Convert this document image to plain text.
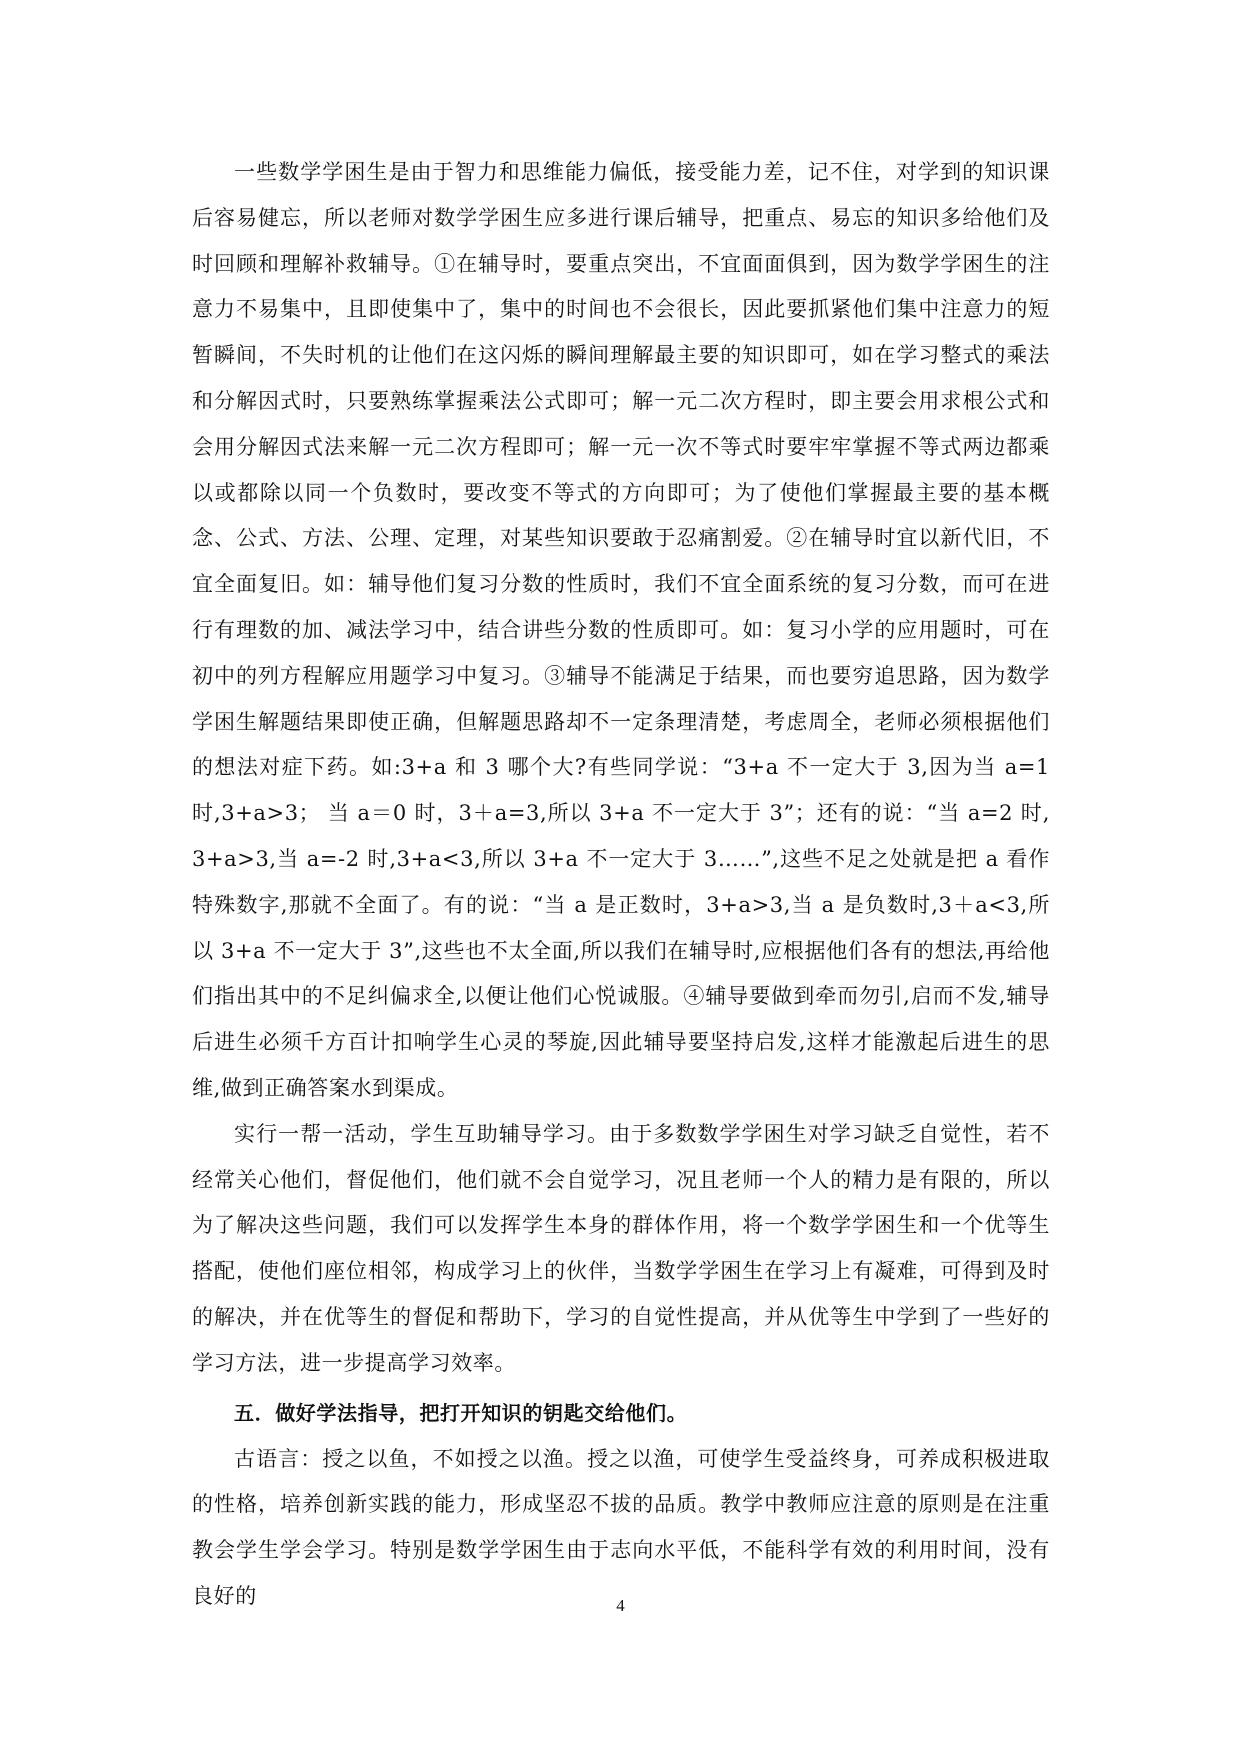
一些数学学困生是由于智力和思维能力偏低，接受能力差，记不住，对学到的知识课后容易健忘，所以老师对数学学困生应多进行课后辅导，把重点、易忘的知识多给他们及时回顾和理解补救辅导。①在辅导时，要重点突出，不宜面面俱到，因为数学学困生的注意力不易集中，且即使集中了，集中的时间也不会很长，因此要抓紧他们集中注意力的短暂瞬间，不失时机的让他们在这闪烁的瞬间理解最主要的知识即可，如在学习整式的乘法和分解因式时，只要熟练掌握乘法公式即可；解一元二次方程时，即主要会用求根公式和会用分解因式法来解一元二次方程即可；解一元一次不等式时要牢牢掌握不等式两边都乘以或都除以同一个负数时，要改变不等式的方向即可；为了使他们掌握最主要的基本概念、公式、方法、公理、定理，对某些知识要敢于忍痛割爱。②在辅导时宜以新代旧，不宜全面复旧。如：辅导他们复习分数的性质时，我们不宜全面系统的复习分数，而可在进行有理数的加、减法学习中，结合讲些分数的性质即可。如：复习小学的应用题时，可在初中的列方程解应用题学习中复习。③辅导不能满足于结果，而也要穷追思路，因为数学学困生解题结果即使正确，但解题思路却不一定条理清楚，考虑周全，老师必须根据他们的想法对症下药。如:3+a 和 3 哪个大?有些同学说：“3+a 不一定大于 3,因为当 a=1 时,3+a>3； 当 a＝0 时，3＋a=3,所以 3+a 不一定大于 3”；还有的说：“当 a=2 时,3+a>3,当 a=-2 时,3+a<3,所以 3+a 不一定大于 3……”,这些不足之处就是把 a 看作特殊数字,那就不全面了。有的说：“当 a 是正数时，3+a>3,当 a 是负数时,3＋a<3,所以 3+a 不一定大于 3”,这些也不太全面,所以我们在辅导时,应根据他们各有的想法,再给他们指出其中的不足纠偏求全,以便让他们心悦诚服。④辅导要做到牵而勿引,启而不发,辅导后进生必须千方百计扣响学生心灵的琴旋,因此辅导要坚持启发,这样才能激起后进生的思维,做到正确答案水到渠成。

实行一帮一活动，学生互助辅导学习。由于多数数学学困生对学习缺乏自觉性，若不经常关心他们，督促他们，他们就不会自觉学习，况且老师一个人的精力是有限的，所以为了解决这些问题，我们可以发挥学生本身的群体作用，将一个数学学困生和一个优等生搭配，使他们座位相邻，构成学习上的伙伴，当数学学困生在学习上有凝难，可得到及时的解决，并在优等生的督促和帮助下，学习的自觉性提高，并从优等生中学到了一些好的学习方法，进一步提高学习效率。

五．做好学法指导，把打开知识的钥匙交给他们。

古语言：授之以鱼，不如授之以渔。授之以渔，可使学生受益终身，可养成积极进取的性格，培养创新实践的能力，形成坚忍不拔的品质。教学中教师应注意的原则是在注重教会学生学会学习。特别是数学学困生由于志向水平低，不能科学有效的利用时间，没有良好的	4
